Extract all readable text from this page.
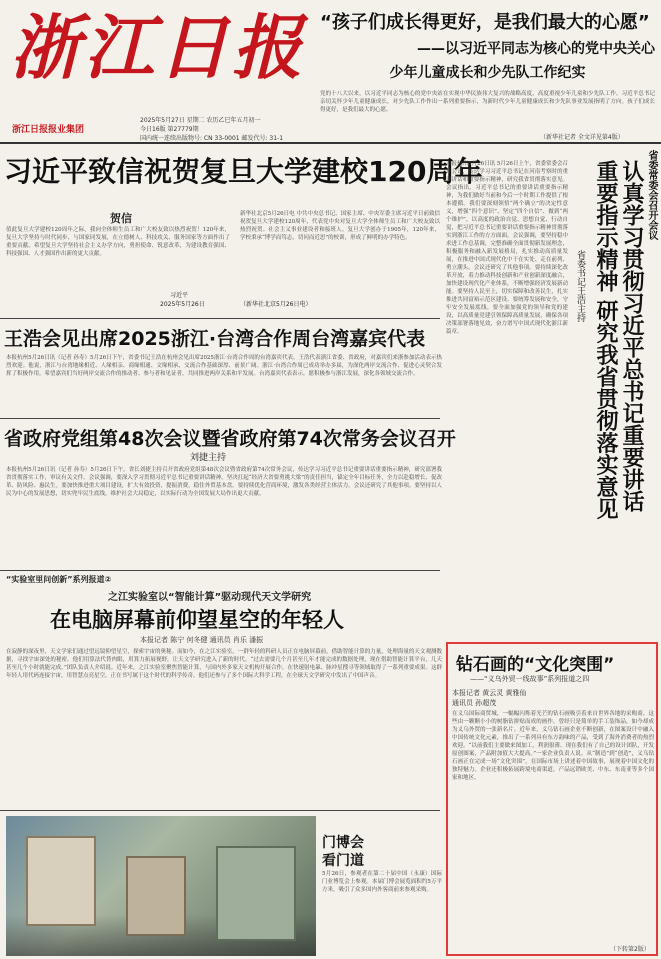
浙江日报
浙江日报报业集团
2025年5月27日 星期二 农历乙巳年五月初一
今日16版 第27779期
国内统一连续出版物号: CN 33-0001 邮发代号: 31-1
“孩子们成长得更好，是我们最大的心愿”
——以习近平同志为核心的党中央关心
少年儿童成长和少先队工作纪实
党的十八大以来，以习近平同志为核心的党中央站在实现中华民族伟大复兴的战略高度，高度重视少年儿童和少先队工作。习近平总书记亲切关怀少年儿童健康成长，对少先队工作作出一系列重要指示，为新时代少年儿童健康成长和少先队事业发展指明了方向。孩子们成长得更好，是我们最大的心愿。
（新华社记者 全文详见第4版）
习近平致信祝贺复旦大学建校120周年
贺信
值此复旦大学建校120周年之际，我向全体师生员工和广大校友致以热烈祝贺！120年来，复旦大学坚持与时代同步、与国家同发展，在立德树人、科技攻关、服务国家等方面作出了重要贡献。希望复旦大学坚持社会主义办学方向，勇担使命、锐意改革，为建设教育强国、科技强国、人才强国作出新的更大贡献。
习近平
2025年5月26日	（新华社北京5月26日电）
新华社北京5月26日电 中共中央总书记、国家主席、中央军委主席习近平日前致信祝贺复旦大学建校120周年，代表党中央对复旦大学全体师生员工和广大校友致以热烈祝贺。社会主义事业建设者和接班人。复旦大学创办于1905年，120年来，学校秉承“博学而笃志，切问而近思”的校训，形成了鲜明的办学特色。	省委常委会召开会议
认真学习贯彻习近平总书记重要讲话
重要指示精神 研究我省贯彻落实意见
省委书记王浩主持
本报杭州5月26日讯 5月26日上午，省委常委会召开会议，传达学习习近平总书记在河南考察时的重要讲话和重要指示精神，研究我省贯彻落实意见。会议指出，习近平总书记的重要讲话重要指示精神，为我们做好当前和今后一个时期工作提供了根本遵循。我们要深刻领悟“两个确立”的决定性意义，增强“四个意识”、坚定“四个自信”、做到“两个维护”，以高度的政治自觉、思想自觉、行动自觉，把习近平总书记重要讲话重要指示精神贯彻落实到浙江工作的方方面面。会议强调，要坚持稳中求进工作总基调，完整准确全面贯彻新发展理念，积极服务和融入新发展格局，扎实推动高质量发展，在推进中国式现代化中干在实处、走在前列、勇立潮头。会议还研究了其他事项。要持续深化改革开放，着力推动科技创新和产业创新深度融合，加快建设现代化产业体系，不断增强经济发展新动能。要坚持人民至上，切实保障和改善民生，扎实推进共同富裕示范区建设。要统筹发展和安全，守牢安全发展底线。要全面加强党的领导和党的建设，以高质量党建引领保障高质量发展，确保各项决策部署落地见效，奋力谱写中国式现代化浙江新篇章。
王浩会见出席2025浙江·台湾合作周台湾嘉宾代表
本报杭州5月26日讯（记者 孙寿）5月26日下午，省委书记王浩在杭州会见出席2025浙江·台湾合作周的台湾嘉宾代表。王浩代表浙江省委、省政府，对嘉宾们来浙参加活动表示热烈欢迎。他说，浙江与台湾地缘相近、人缘相亲、商缘相通、文缘相承，交流合作基础深厚、前景广阔。浙江·台湾合作周已成功举办多届，为深化两岸交流合作、促进心灵契合发挥了积极作用。希望嘉宾们当好两岸交流合作的推动者、参与者和见证者，共同推进两岸关系和平发展。台湾嘉宾代表表示，愿积极参与浙江发展，深化各领域交流合作。
省政府党组第48次会议暨省政府第74次常务会议召开
刘捷主持
本报杭州5月26日讯（记者 孙寿）5月26日下午，省长刘捷主持召开省政府党组第48次会议暨省政府第74次常务会议，传达学习习近平总书记重要讲话重要指示精神，研究部署我省贯彻落实工作，审议有关文件。会议强调，要深入学习贯彻习近平总书记重要讲话精神，坚决扛起“经济大省要勇挑大梁”的责任担当，锚定全年目标任务，全力以赴稳增长、促改革、防风险、惠民生。要加快推进重大项目建设，扩大有效投资，提振消费，稳住外贸基本盘。要持续优化营商环境，激发各类经营主体活力。会议还研究了其他事项。要坚持以人民为中心的发展思想，切实兜牢民生底线，维护社会大局稳定，以实际行动为全国发展大局作出更大贡献。
“实验室里问创新”系列报道②
之江实验室以“智能计算”驱动现代天文学研究
在电脑屏幕前仰望星空的年轻人
本报记者 陈宁 何冬健 通讯员 肖乐 潘振
在寂静的深夜里，天文学家们通过望远镜仰望星空，探索宇宙的奥秘。而如今，在之江实验室，一群年轻的科研人员正在电脑屏幕前，借助智能计算的力量，处理海量的天文观测数据，寻找宇宙深处的秘密。他们用算法代替肉眼，用算力拓展视野，让天文学研究进入了新的时代。“过去需要几个月甚至几年才能完成的数据处理，现在借助智能计算平台，几天甚至几个小时就能完成。”团队负责人介绍说。近年来，之江实验室聚焦智能计算，与国内外多家天文机构开展合作，在快速射电暴、脉冲星搜寻等领域取得了一系列重要成果。这群年轻人用代码连接宇宙，用智慧点亮星空，正在书写属于这个时代的科学传奇。他们还参与了多个国际大科学工程，在全球天文学研究中发出了中国声音。
门博会
看门道
5月26日，参观者在第二十届中国（永康）国际门业博览会上参观。本届门博会展览面积约5万平方米，吸引了众多国内外客商前来参观采购。
钻石画的“文化突围”
——“义乌外贸一线故事”系列报道之四
本报记者 黄云灵 黄雅仙
通讯员 孙超茂
在义乌国际商贸城，一幅幅闪烁着光芒的钻石画吸引着来自世界各地的采购商。这些由一颗颗小小的树脂钻拼贴而成的画作，曾经只是简单的手工装饰品，如今却成为义乌外贸的一张新名片。近年来，义乌钻石画企业不断创新，在图案设计中融入中国传统文化元素，推出了一系列具有东方韵味的产品，受到了海外消费者的热烈欢迎。“以前我们主要做来图加工，利润很薄。现在我们有了自己的设计团队，开发原创图案，产品附加值大大提高。”一家企业负责人说。从“制造”到“创造”，义乌钻石画正在完成一场“文化突围”，在国际市场上讲述着中国故事，展现着中国文化的独特魅力。企业还积极拓展跨境电商渠道，产品远销欧美、中东、东南亚等多个国家和地区。
（下转第2版）
